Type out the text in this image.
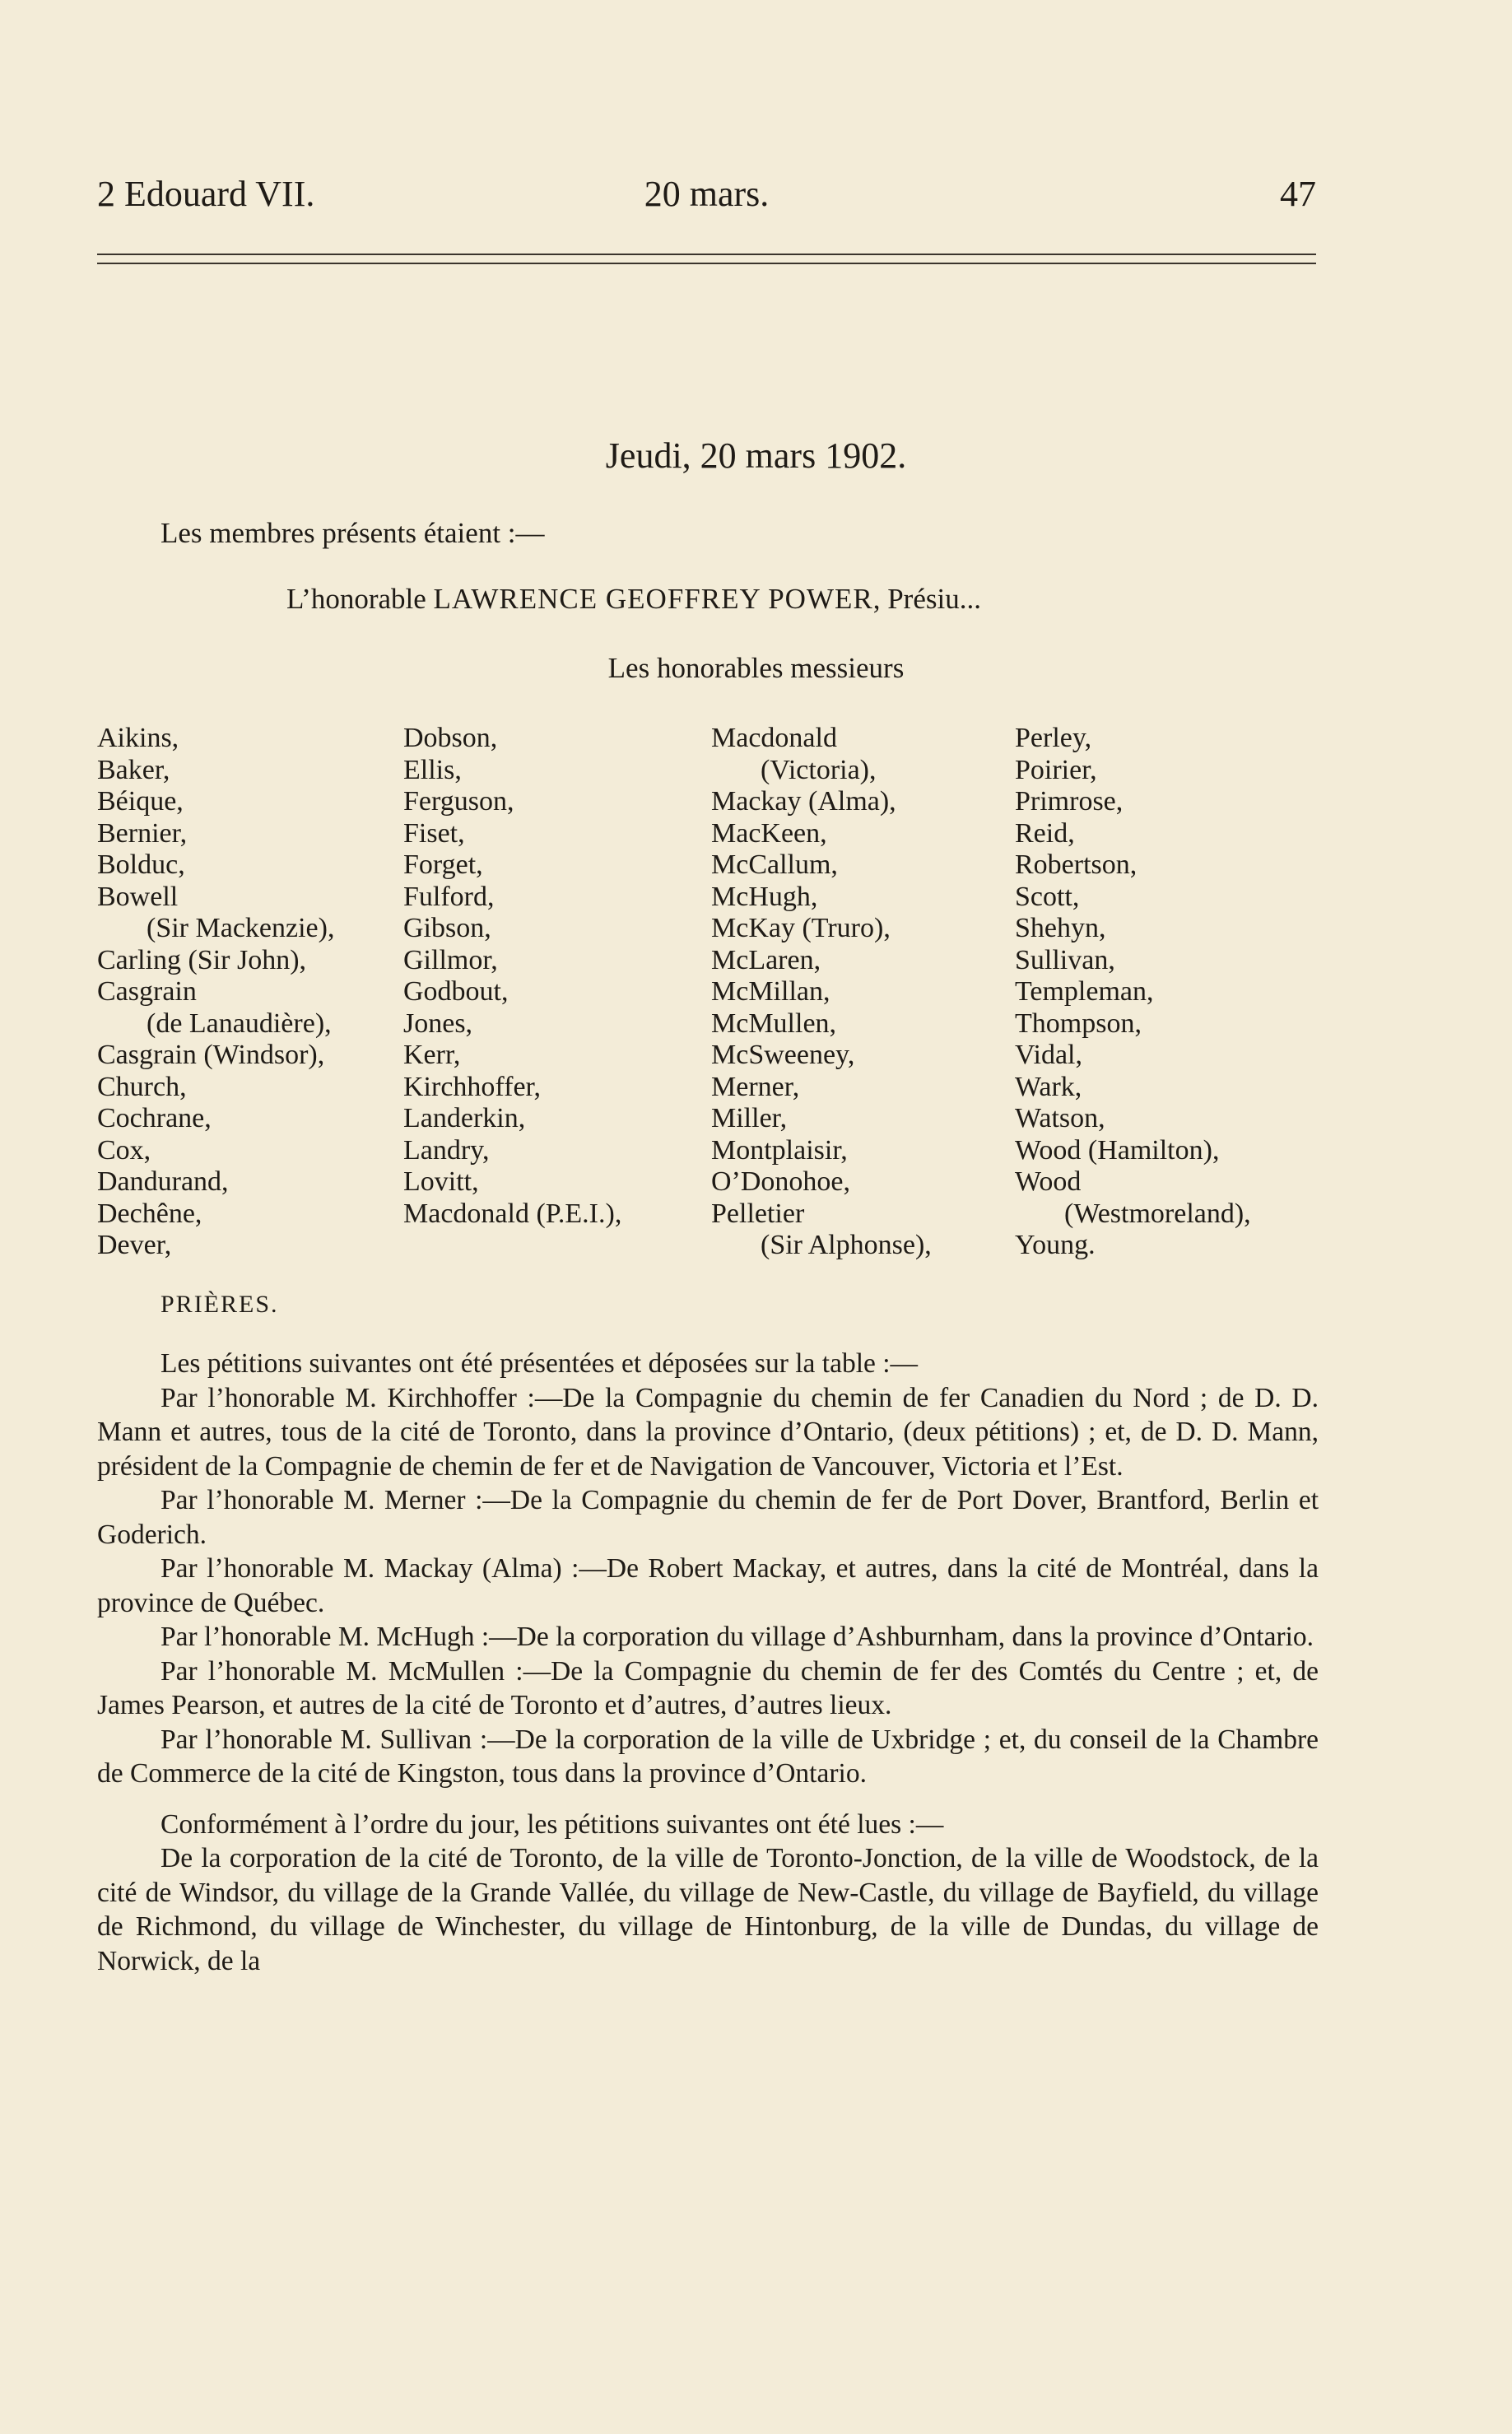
2 Edouard VII.	20 mars.	47
Jeudi, 20 mars 1902.
Les membres présents étaient :—
L’honorable LAWRENCE GEOFFREY POWER, Présiu...
Les honorables messieurs
Aikins,
Baker,
Béique,
Bernier,
Bolduc,
Bowell
(Sir Mackenzie),
Carling (Sir John),
Casgrain
(de Lanaudière),
Casgrain (Windsor),
Church,
Cochrane,
Cox,
Dandurand,
Dechêne,
Dever,
Dobson,
Ellis,
Ferguson,
Fiset,
Forget,
Fulford,
Gibson,
Gillmor,
Godbout,
Jones,
Kerr,
Kirchhoffer,
Landerkin,
Landry,
Lovitt,
Macdonald (P.E.I.),
Macdonald
(Victoria),
Mackay (Alma),
MacKeen,
McCallum,
McHugh,
McKay (Truro),
McLaren,
McMillan,
McMullen,
McSweeney,
Merner,
Miller,
Montplaisir,
O’Donohoe,
Pelletier
(Sir Alphonse),
Perley,
Poirier,
Primrose,
Reid,
Robertson,
Scott,
Shehyn,
Sullivan,
Templeman,
Thompson,
Vidal,
Wark,
Watson,
Wood (Hamilton),
Wood
(Westmoreland),
Young.
PRIÈRES.

Les pétitions suivantes ont été présentées et déposées sur la table :—

Par l’honorable M. Kirchhoffer :—De la Compagnie du chemin de fer Canadien du Nord ; de D. D. Mann et autres, tous de la cité de Toronto, dans la province d’Ontario, (deux pétitions) ; et, de D. D. Mann, président de la Compagnie de chemin de fer et de Navigation de Vancouver, Victoria et l’Est.

Par l’honorable M. Merner :—De la Compagnie du chemin de fer de Port Dover, Brantford, Berlin et Goderich.

Par l’honorable M. Mackay (Alma) :—De Robert Mackay, et autres, dans la cité de Montréal, dans la province de Québec.

Par l’honorable M. McHugh :—De la corporation du village d’Ashburnham, dans la province d’Ontario.

Par l’honorable M. McMullen :—De la Compagnie du chemin de fer des Comtés du Centre ; et, de James Pearson, et autres de la cité de Toronto et d’autres, d’autres lieux.

Par l’honorable M. Sullivan :—De la corporation de la ville de Uxbridge ; et, du conseil de la Chambre de Commerce de la cité de Kingston, tous dans la province d’Ontario.

Conformément à l’ordre du jour, les pétitions suivantes ont été lues :—

De la corporation de la cité de Toronto, de la ville de Toronto-Jonction, de la ville de Woodstock, de la cité de Windsor, du village de la Grande Vallée, du village de New-Castle, du village de Bayfield, du village de Richmond, du village de Winchester, du village de Hintonburg, de la ville de Dundas, du village de Norwick, de la
